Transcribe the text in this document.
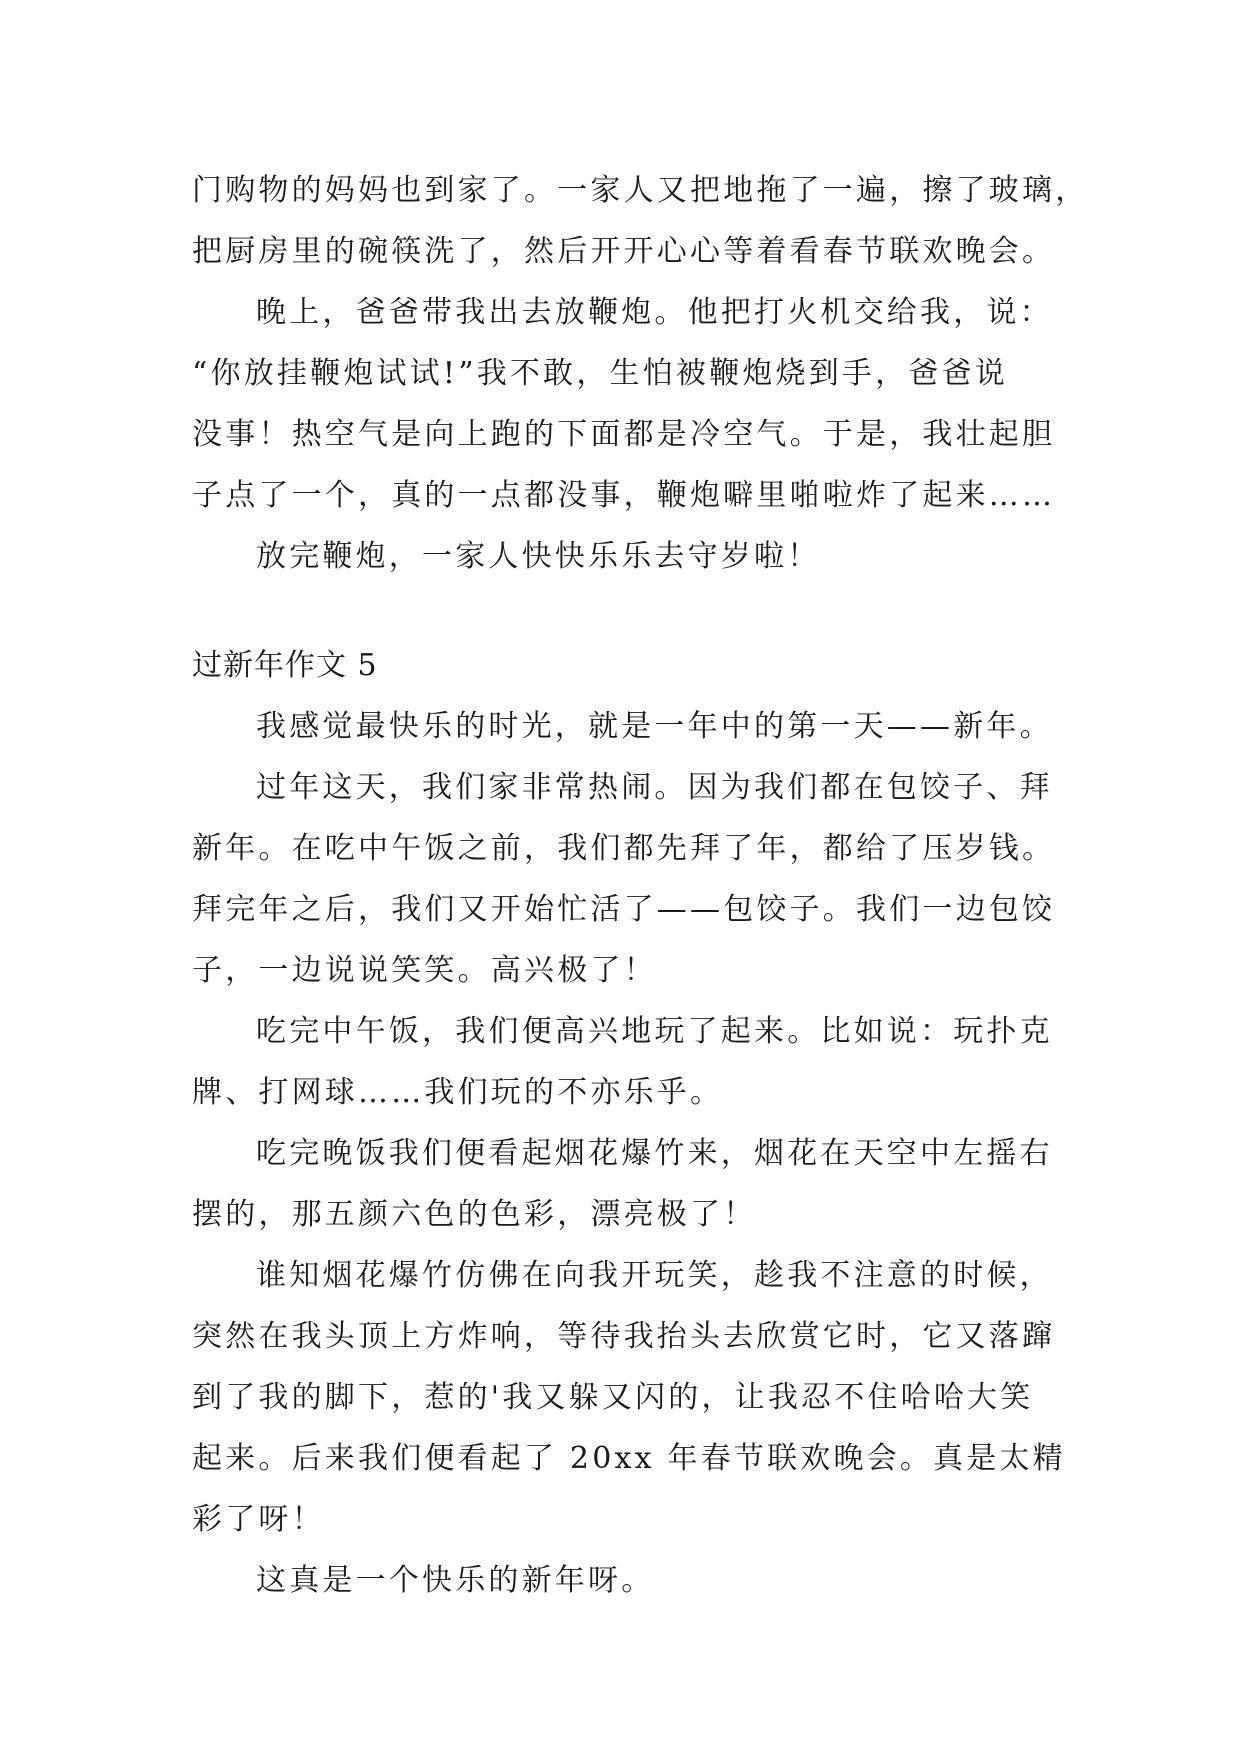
门购物的妈妈也到家了。一家人又把地拖了一遍，擦了玻璃，
把厨房里的碗筷洗了，然后开开心心等着看春节联欢晚会。
晚上，爸爸带我出去放鞭炮。他把打火机交给我，说：
“你放挂鞭炮试试!”我不敢，生怕被鞭炮烧到手，爸爸说
没事！热空气是向上跑的下面都是冷空气。于是，我壮起胆
子点了一个，真的一点都没事，鞭炮噼里啪啦炸了起来……
放完鞭炮，一家人快快乐乐去守岁啦！
过新年作文 5
我感觉最快乐的时光，就是一年中的第一天——新年。
过年这天，我们家非常热闹。因为我们都在包饺子、拜
新年。在吃中午饭之前，我们都先拜了年，都给了压岁钱。
拜完年之后，我们又开始忙活了——包饺子。我们一边包饺
子，一边说说笑笑。高兴极了！
吃完中午饭，我们便高兴地玩了起来。比如说：玩扑克
牌、打网球……我们玩的不亦乐乎。
吃完晚饭我们便看起烟花爆竹来，烟花在天空中左摇右
摆的，那五颜六色的色彩，漂亮极了！
谁知烟花爆竹仿佛在向我开玩笑，趁我不注意的时候，
突然在我头顶上方炸响，等待我抬头去欣赏它时，它又落蹿
到了我的脚下，惹的'我又躲又闪的，让我忍不住哈哈大笑
起来。后来我们便看起了 20xx 年春节联欢晚会。真是太精
彩了呀！
这真是一个快乐的新年呀。
